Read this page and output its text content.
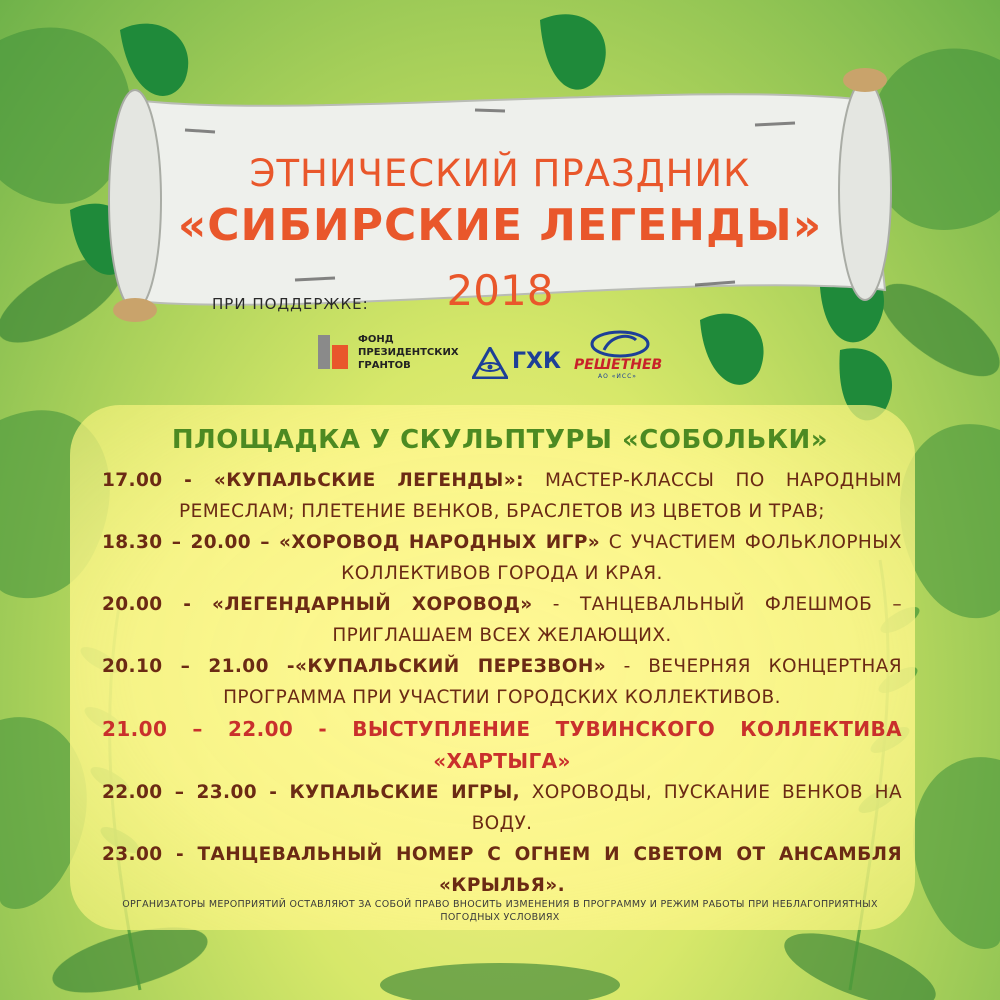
ЭТНИЧЕСКИЙ ПРАЗДНИК
«СИБИРСКИЕ ЛЕГЕНДЫ»
2018
ПРИ ПОДДЕРЖКЕ:
ФОНД
ПРЕЗИДЕНТСКИХ
ГРАНТОВ	ГХК РЕШЕТНЕВ
АО «ИСС»
ПЛОЩАДКА У СКУЛЬПТУРЫ «СОБОЛЬКИ»
17.00 - «КУПАЛЬСКИЕ ЛЕГЕНДЫ»: МАСТЕР-КЛАССЫ ПО НАРОДНЫМ РЕМЕСЛАМ; ПЛЕТЕНИЕ ВЕНКОВ, БРАСЛЕТОВ ИЗ ЦВЕТОВ И ТРАВ;
18.30 – 20.00 – «ХОРОВОД НАРОДНЫХ ИГР» С УЧАСТИЕМ ФОЛЬКЛОРНЫХ КОЛЛЕКТИВОВ ГОРОДА И КРАЯ.
20.00 - «ЛЕГЕНДАРНЫЙ ХОРОВОД» - ТАНЦЕВАЛЬНЫЙ ФЛЕШМОБ – ПРИГЛАШАЕМ ВСЕХ ЖЕЛАЮЩИХ.
20.10 – 21.00 -«КУПАЛЬСКИЙ ПЕРЕЗВОН» - ВЕЧЕРНЯЯ КОНЦЕРТНАЯ ПРОГРАММА ПРИ УЧАСТИИ ГОРОДСКИХ КОЛЛЕКТИВОВ.
21.00 – 22.00 - ВЫСТУПЛЕНИЕ ТУВИНСКОГО КОЛЛЕКТИВА «ХАРТЫГА»
22.00 – 23.00 - КУПАЛЬСКИЕ ИГРЫ, ХОРОВОДЫ, ПУСКАНИЕ ВЕНКОВ НА ВОДУ.
23.00 - ТАНЦЕВАЛЬНЫЙ НОМЕР С ОГНЕМ И СВЕТОМ ОТ АНСАМБЛЯ «КРЫЛЬЯ».
ОРГАНИЗАТОРЫ МЕРОПРИЯТИЙ ОСТАВЛЯЮТ ЗА СОБОЙ ПРАВО ВНОСИТЬ ИЗМЕНЕНИЯ В ПРОГРАММУ И РЕЖИМ РАБОТЫ ПРИ НЕБЛАГОПРИЯТНЫХ ПОГОДНЫХ УСЛОВИЯХ
